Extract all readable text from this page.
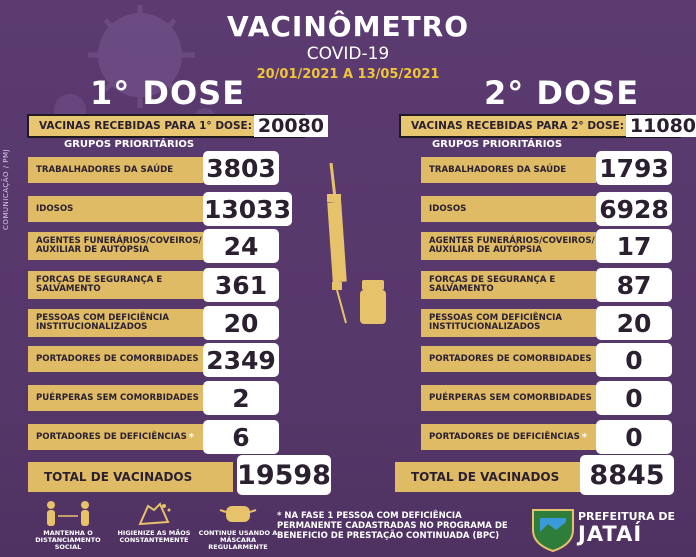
COMUNICAÇÃO / PMJ
VACINÔMETRO
COVID-19
20/01/2021 A 13/05/2021
1° DOSE	2° DOSE
VACINAS RECEBIDAS PARA 1° DOSE: 20080	VACINAS RECEBIDAS PARA 2° DOSE: 11080
GRUPOS PRIORITÁRIOS	GRUPOS PRIORITÁRIOS
TRABALHADORES DA SAÚDE 3803
IDOSOS	13033
AGENTES FUNERÁRIOS/COVEIROS/ AUXILIAR DE AUTÓPSIA	24
FORÇAS DE SEGURANÇA E SALVAMENTO	361
PESSOAS COM DEFICIÊNCIA INSTITUCIONALIZADOS	20
PORTADORES DE COMORBIDADES 2349
PUÉRPERAS SEM COMORBIDADES	2
PORTADORES DE DEFICIÊNCIAS *	6
TRABALHADORES DA SAÚDE 1793
IDOSOS	6928
AGENTES FUNERÁRIOS/COVEIROS/ AUXILIAR DE AUTÓPSIA	17
FORÇAS DE SEGURANÇA E SALVAMENTO	87
PESSOAS COM DEFICIÊNCIA INSTITUCIONALIZADOS	20
PORTADORES DE COMORBIDADES	0
PUÉRPERAS SEM COMORBIDADES	0
PORTADORES DE DEFICIÊNCIAS *	0
TOTAL DE VACINADOS 19598	TOTAL DE VACINADOS	8845
MANTENHA O DISTANCIAMENTO SOCIAL
HIGIENIZE AS MÃOS CONSTANTEMENTE
CONTINUE USANDO A MÁSCARA REGULARMENTE
* NA FASE 1 PESSOA COM DEFICIÊNCIA PERMANENTE CADASTRADAS NO PROGRAMA DE BENEFICIO DE PRESTAÇÃO CONTINUADA (BPC)
PREFEITURA DE
JATAÍ
